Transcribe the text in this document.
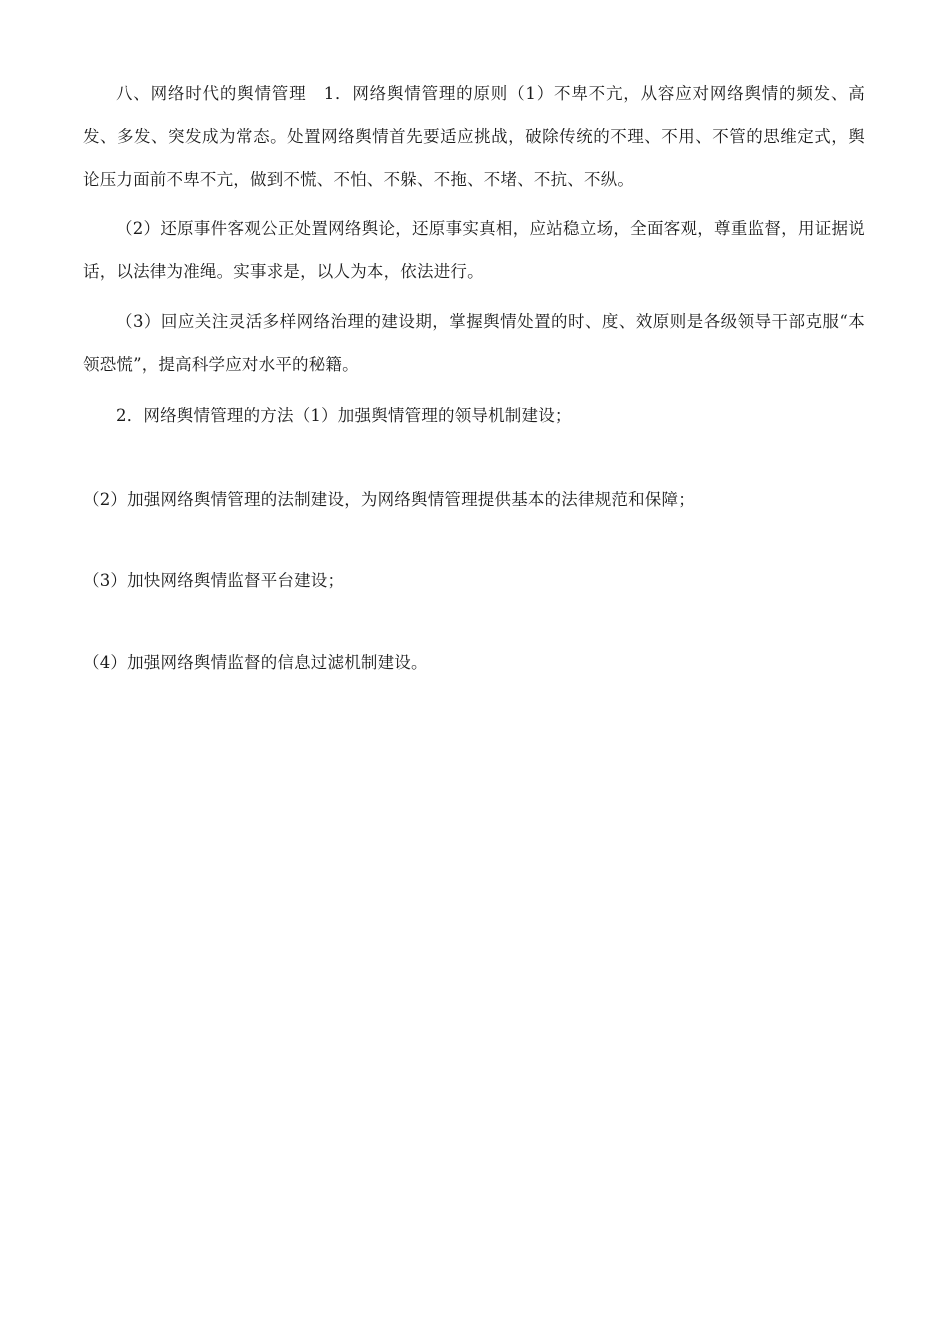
八、网络时代的舆情管理　1．网络舆情管理的原则（1）不卑不亢，从容应对网络舆情的频发、高发、多发、突发成为常态。处置网络舆情首先要适应挑战，破除传统的不理、不用、不管的思维定式，舆论压力面前不卑不亢，做到不慌、不怕、不躲、不拖、不堵、不抗、不纵。

（2）还原事件客观公正处置网络舆论，还原事实真相，应站稳立场，全面客观，尊重监督，用证据说话，以法律为准绳。实事求是，以人为本，依法进行。

（3）回应关注灵活多样网络治理的建设期，掌握舆情处置的时、度、效原则是各级领导干部克服“本领恐慌”，提高科学应对水平的秘籍。

2．网络舆情管理的方法（1）加强舆情管理的领导机制建设；

（2）加强网络舆情管理的法制建设，为网络舆情管理提供基本的法律规范和保障；

（3）加快网络舆情监督平台建设；

（4）加强网络舆情监督的信息过滤机制建设。
